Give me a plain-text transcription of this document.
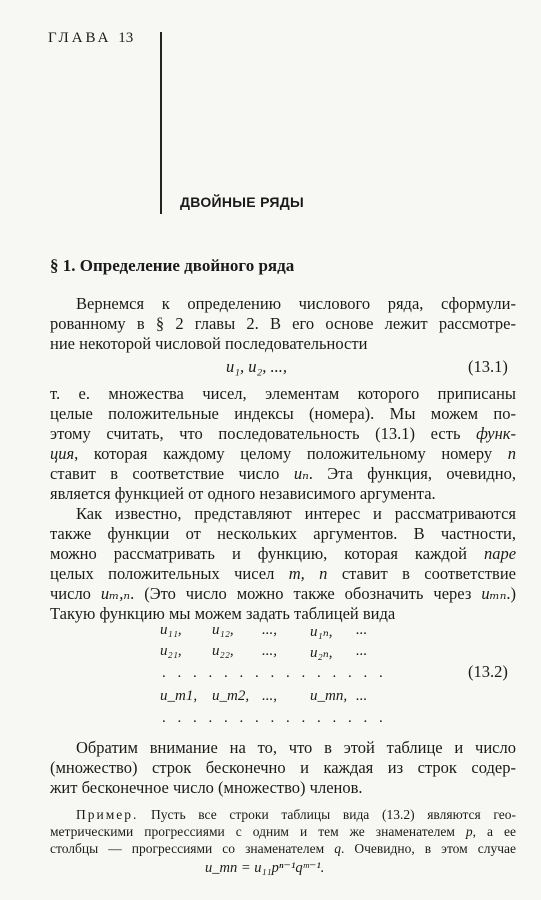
ГЛАВА 13
ДВОЙНЫЕ РЯДЫ
§ 1. Определение двойного ряда
Вернемся к определению числового ряда, сформули-
рованному в § 2 главы 2. В его основе лежит рассмотре-
ние некоторой числовой последовательности
u₁, u₂, ...,	(13.1)
т. е. множества чисел, элементам которого приписаны
целые положительные индексы (номера). Мы можем по-
этому считать, что последовательность (13.1) есть функ-
ция, которая каждому целому положительному номеру n
ставит в соответствие число uₙ. Эта функция, очевидно,
является функцией от одного независимого аргумента.
Как известно, представляют интерес и рассматриваются
также функции от нескольких аргументов. В частности,
можно рассматривать и функцию, которая каждой паре
целых положительных чисел m, n ставит в соответствие
число uₘ,ₙ. (Это число можно также обозначить через uₘₙ.)
Такую функцию мы можем задать таблицей вида
u₁₁, u₁₂, ..., u₁ₙ, ...
u₂₁, u₂₂, ..., u₂ₙ, ...
. . . . . . . . . . . . . . .	(13.2)
u_m1, u_m2, ..., u_mn, ...
. . . . . . . . . . . . . . .
Обратим внимание на то, что в этой таблице и число
(множество) строк бесконечно и каждая из строк содер-
жит бесконечное число (множество) членов.
Пример. Пусть все строки таблицы вида (13.2) являются гео-
метрическими прогрессиями с одним и тем же знаменателем p, а ее
столбцы — прогрессиями со знаменателем q. Очевидно, в этом случае
u_mn = u₁₁pⁿ⁻¹qᵐ⁻¹.
